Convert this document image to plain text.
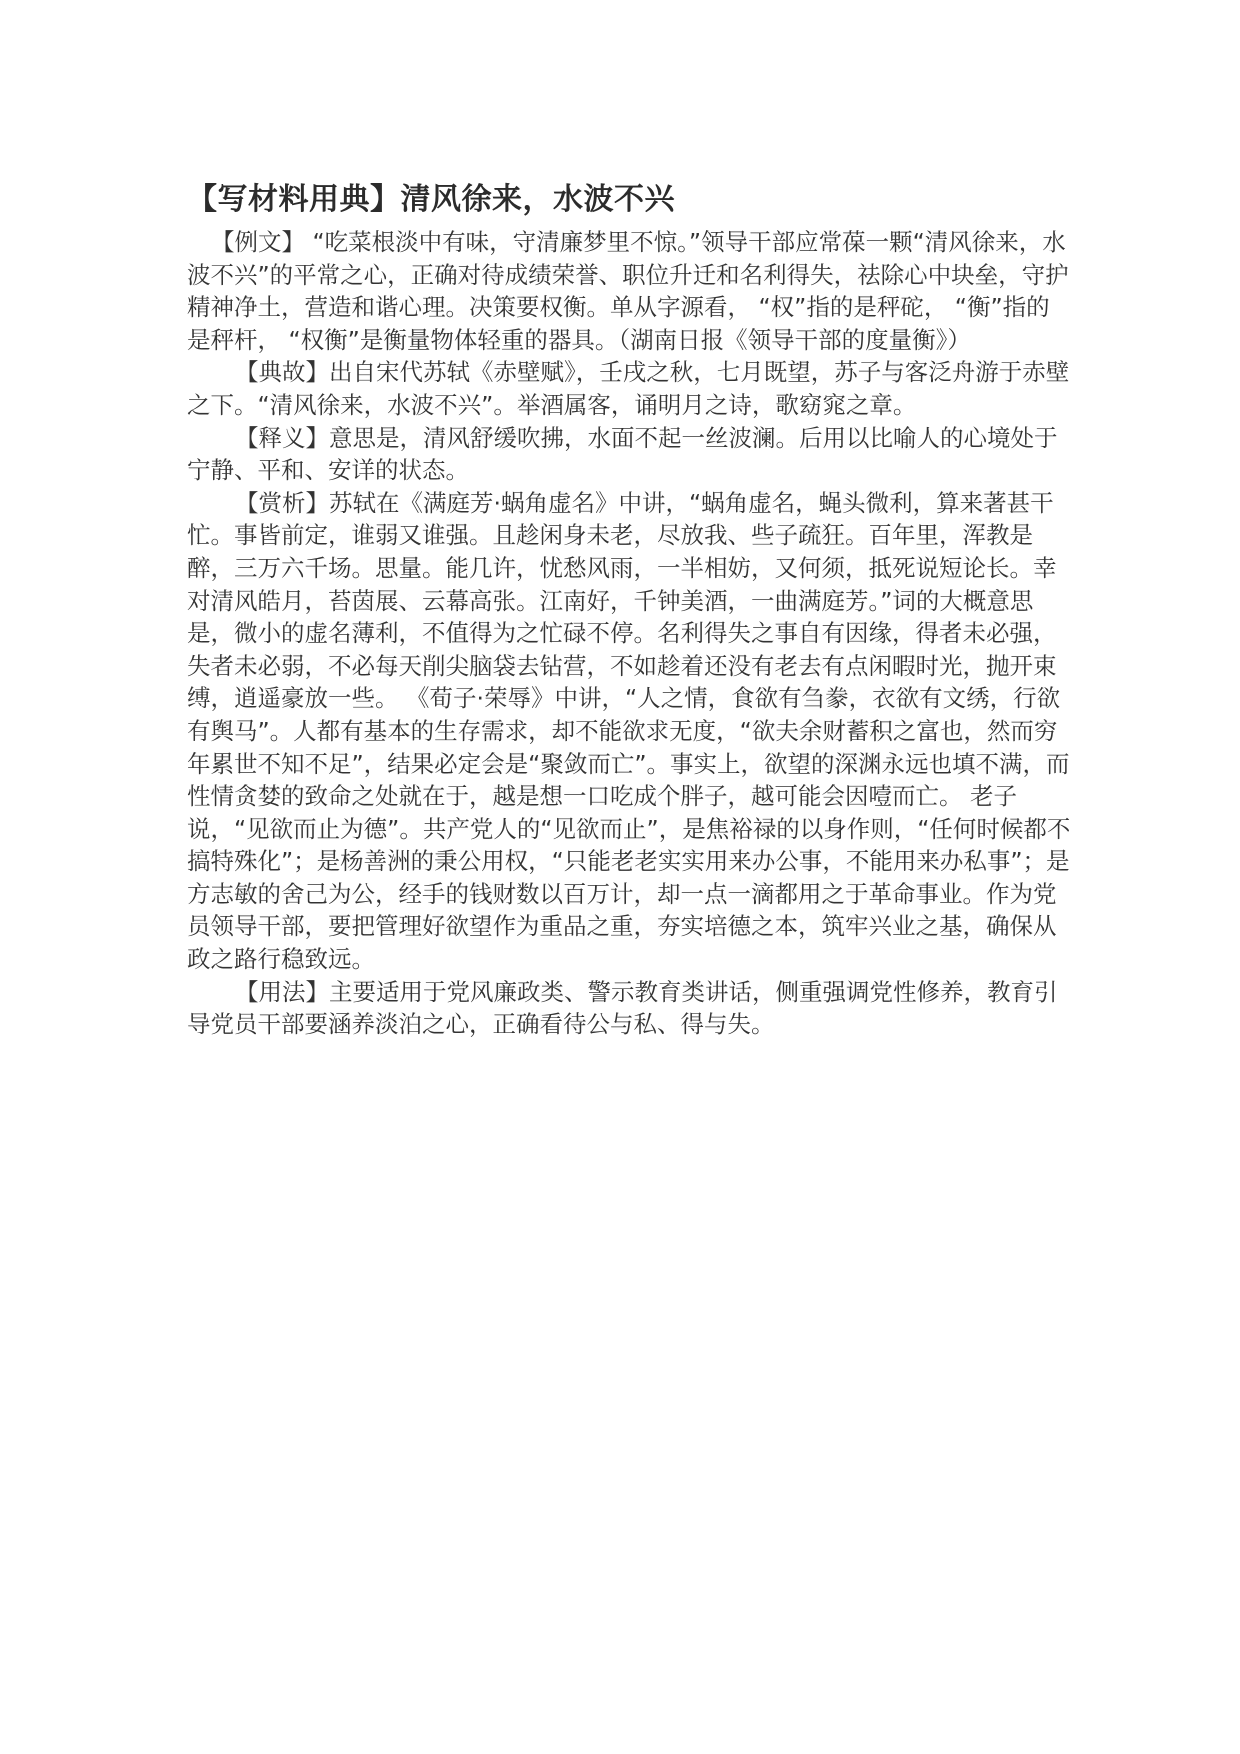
【写材料用典】清风徐来，水波不兴

【例文】 “吃菜根淡中有味，守清廉梦里不惊。”领导干部应常葆一颗“清风徐来，水波不兴”的平常之心，正确对待成绩荣誉、职位升迁和名利得失，祛除心中块垒，守护精神净土，营造和谐心理。决策要权衡。单从字源看， “权”指的是秤砣， “衡”指的是秤杆， “权衡”是衡量物体轻重的器具。（湖南日报《领导干部的度量衡》）

【典故】出自宋代苏轼《赤壁赋》，壬戌之秋，七月既望，苏子与客泛舟游于赤壁之下。“清风徐来，水波不兴”。举酒属客，诵明月之诗，歌窈窕之章。

【释义】意思是，清风舒缓吹拂，水面不起一丝波澜。后用以比喻人的心境处于宁静、平和、安详的状态。

【赏析】苏轼在《满庭芳·蜗角虚名》中讲，“蜗角虚名，蝇头微利，算来著甚干忙。事皆前定，谁弱又谁强。且趁闲身未老，尽放我、些子疏狂。百年里，浑教是醉，三万六千场。思量。能几许，忧愁风雨，一半相妨，又何须，抵死说短论长。幸对清风皓月，苔茵展、云幕高张。江南好，千钟美酒，一曲满庭芳。”词的大概意思是，微小的虚名薄利，不值得为之忙碌不停。名利得失之事自有因缘，得者未必强，失者未必弱，不必每天削尖脑袋去钻营，不如趁着还没有老去有点闲暇时光，抛开束缚，逍遥豪放一些。 《荀子·荣辱》中讲，“人之情，食欲有刍豢，衣欲有文绣，行欲有舆马”。人都有基本的生存需求，却不能欲求无度，“欲夫余财蓄积之富也，然而穷年累世不知不足”，结果必定会是“聚敛而亡”。事实上，欲望的深渊永远也填不满，而性情贪婪的致命之处就在于，越是想一口吃成个胖子，越可能会因噎而亡。 老子说，“见欲而止为德”。共产党人的“见欲而止”，是焦裕禄的以身作则，“任何时候都不搞特殊化”；是杨善洲的秉公用权，“只能老老实实用来办公事，不能用来办私事”；是方志敏的舍己为公，经手的钱财数以百万计，却一点一滴都用之于革命事业。作为党员领导干部，要把管理好欲望作为重品之重，夯实培德之本，筑牢兴业之基，确保从政之路行稳致远。

【用法】主要适用于党风廉政类、警示教育类讲话，侧重强调党性修养，教育引导党员干部要涵养淡泊之心，正确看待公与私、得与失。
